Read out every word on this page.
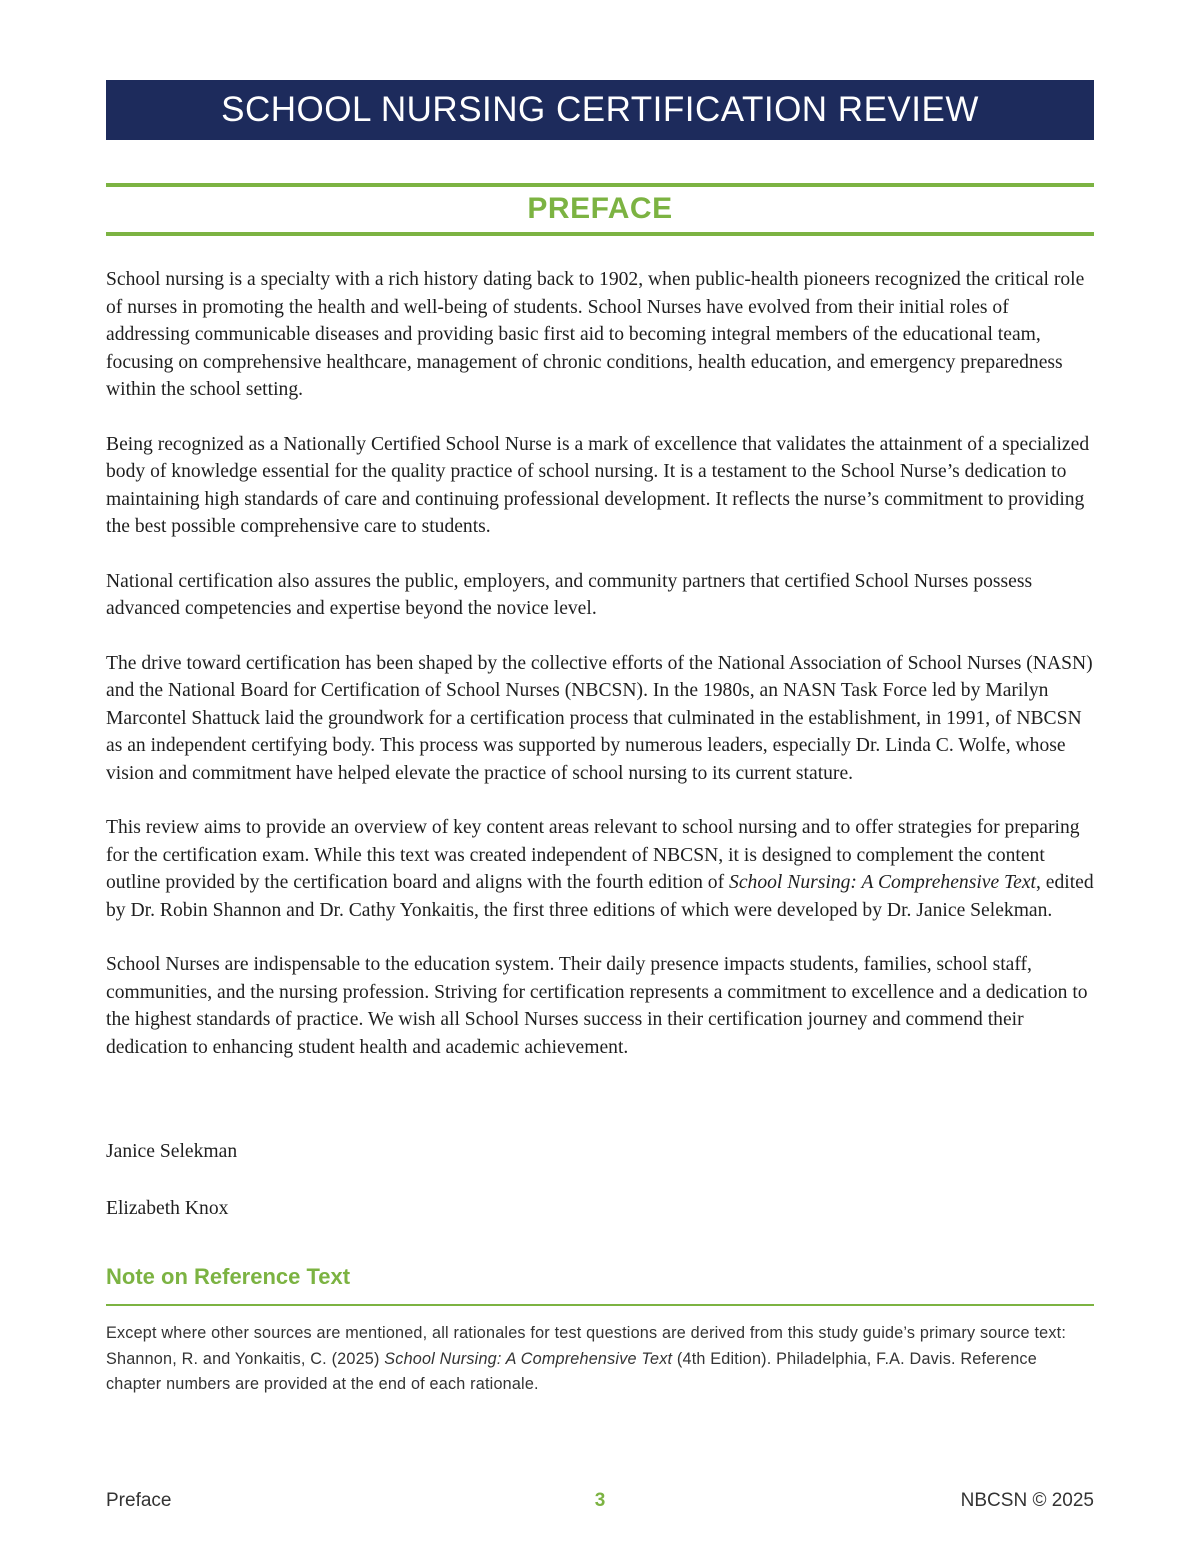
SCHOOL NURSING CERTIFICATION REVIEW
PREFACE

School nursing is a specialty with a rich history dating back to 1902, when public-health pioneers recognized the critical role of nurses in promoting the health and well-being of students. School Nurses have evolved from their initial roles of addressing communicable diseases and providing basic first aid to becoming integral members of the educational team, focusing on comprehensive healthcare, management of chronic conditions, health education, and emergency preparedness within the school setting.

Being recognized as a Nationally Certified School Nurse is a mark of excellence that validates the attainment of a specialized body of knowledge essential for the quality practice of school nursing. It is a testament to the School Nurse’s dedication to maintaining high standards of care and continuing professional development. It reflects the nurse’s commitment to providing the best possible comprehensive care to students.

National certification also assures the public, employers, and community partners that certified School Nurses possess advanced competencies and expertise beyond the novice level.

The drive toward certification has been shaped by the collective efforts of the National Association of School Nurses (NASN) and the National Board for Certification of School Nurses (NBCSN). In the 1980s, an NASN Task Force led by Marilyn Marcontel Shattuck laid the groundwork for a certification process that culminated in the establishment, in 1991, of NBCSN as an independent certifying body. This process was supported by numerous leaders, especially Dr. Linda C. Wolfe, whose vision and commitment have helped elevate the practice of school nursing to its current stature.

This review aims to provide an overview of key content areas relevant to school nursing and to offer strategies for preparing for the certification exam. While this text was created independent of NBCSN, it is designed to complement the content outline provided by the certification board and aligns with the fourth edition of School Nursing: A Comprehensive Text, edited by Dr. Robin Shannon and Dr. Cathy Yonkaitis, the first three editions of which were developed by Dr. Janice Selekman.

School Nurses are indispensable to the education system. Their daily presence impacts students, families, school staff, communities, and the nursing profession. Striving for certification represents a commitment to excellence and a dedication to the highest standards of practice. We wish all School Nurses success in their certification journey and commend their dedication to enhancing student health and academic achievement.

Janice Selekman
Elizabeth Knox
Note on Reference Text
Except where other sources are mentioned, all rationales for test questions are derived from this study guide’s primary source text: Shannon, R. and Yonkaitis, C. (2025) School Nursing: A Comprehensive Text (4th Edition). Philadelphia, F.A. Davis. Reference chapter numbers are provided at the end of each rationale.
Preface	3	NBCSN © 2025
